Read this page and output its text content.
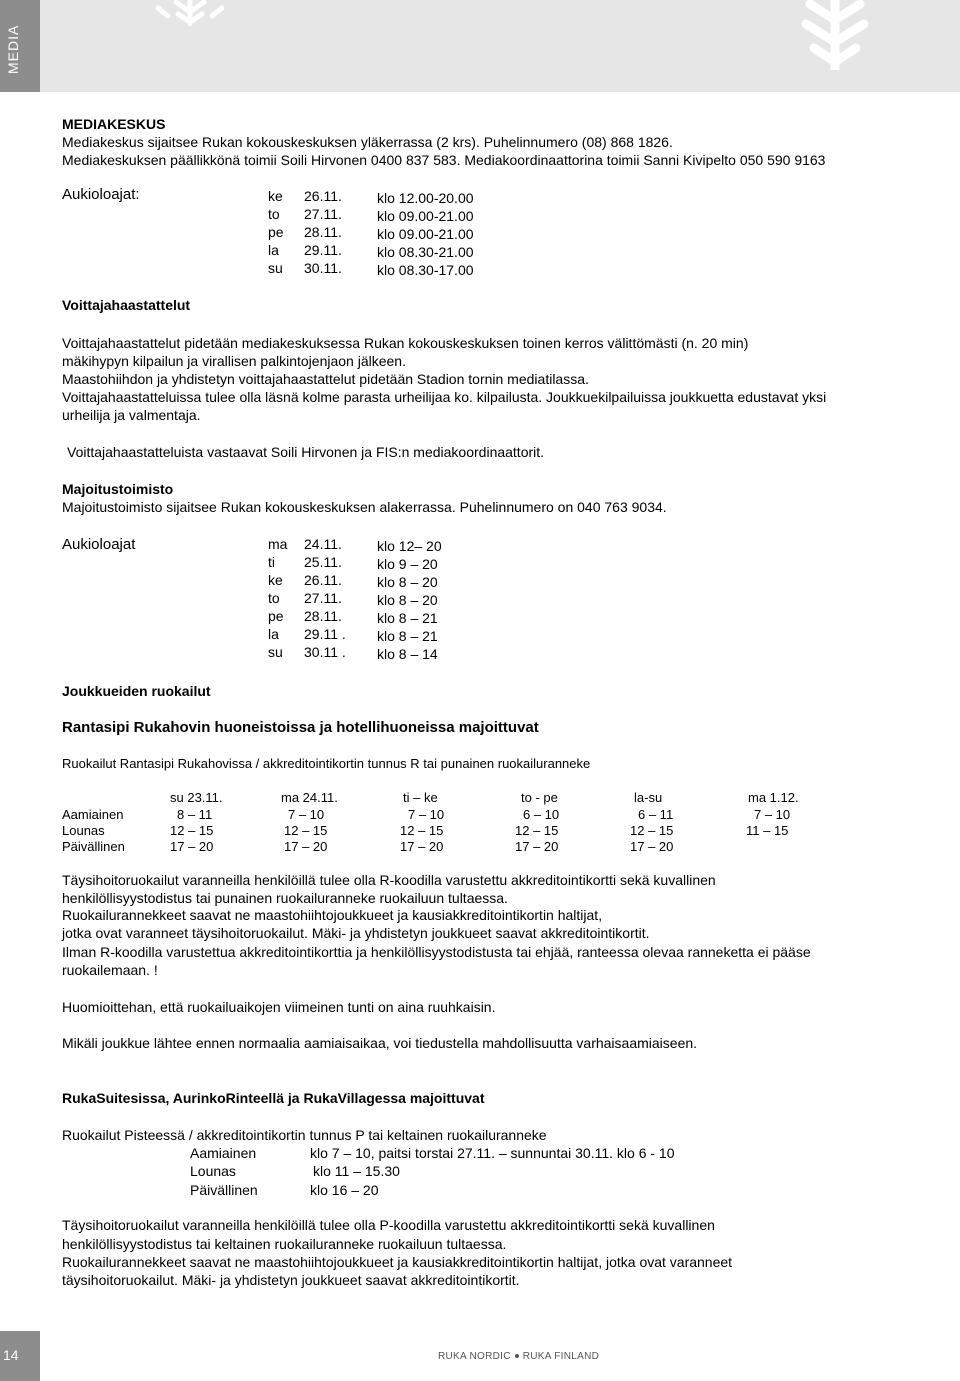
MEDIA
MEDIAKESKUS
Mediakeskus sijaitsee Rukan kokouskeskuksen yläkerrassa (2 krs). Puhelinnumero (08) 868 1826.
Mediakeskuksen päällikkönä toimii Soili Hirvonen 0400 837 583. Mediakoordinaattorina toimii Sanni Kivipelto 050 590 9163
Aukioloajat:	ke 26.11.	klo 12.00-20.00
to 27.11.	klo 09.00-21.00
pe 28.11.	klo 09.00-21.00
la 29.11.	klo 08.30-21.00
su 30.11.	klo 08.30-17.00
Voittajahaastattelut
Voittajahaastattelut pidetään mediakeskuksessa Rukan kokouskeskuksen toinen kerros välittömästi (n. 20 min)
mäkihypyn kilpailun ja virallisen palkintojenjaon jälkeen.
Maastohiihdon ja yhdistetyn voittajahaastattelut pidetään Stadion tornin mediatilassa.
Voittajahaastatteluissa tulee olla läsnä kolme parasta urheilijaa ko. kilpailusta. Joukkuekilpailuissa joukkuetta edustavat yksi
urheilija ja valmentaja.
Voittajahaastatteluista vastaavat Soili Hirvonen ja FIS:n mediakoordinaattorit.
Majoitustoimisto
Majoitustoimisto sijaitsee Rukan kokouskeskuksen alakerrassa. Puhelinnumero on 040 763 9034.
Aukioloajat	ma 24.11.	klo 12– 20
ti 25.11.	klo 9 – 20
ke 26.11.	klo 8 – 20
to 27.11.	klo 8 – 20
pe 28.11.	klo 8 – 21
la 29.11 . klo 8 – 21
su 30.11 . klo 8 – 14
Joukkueiden ruokailut
Rantasipi Rukahovin huoneistoissa ja hotellihuoneissa majoittuvat
Ruokailut Rantasipi Rukahovissa / akkreditointikortin tunnus R tai punainen ruokailuranneke
su 23.11.	ma 24.11.	ti – ke	to - pe	la-su	ma 1.12.
Aamiainen	8 – 11	7 – 10	7 – 10	6 – 10	6 – 11	7 – 10
Lounas	12 – 15	12 – 15	12 – 15	12 – 15	12 – 15	11 – 15
Päivällinen	17 – 20	17 – 20	17 – 20	17 – 20	17 – 20
Täysihoitoruokailut varanneilla henkilöillä tulee olla R-koodilla varustettu akkreditointikortti sekä kuvallinen
henkilöllisyystodistus tai punainen ruokailuranneke ruokailuun tultaessa.
Ruokailurannekkeet saavat ne maastohiihtojoukkueet ja kausiakkreditointikortin haltijat,
jotka ovat varanneet täysihoitoruokailut. Mäki- ja yhdistetyn joukkueet saavat akkreditointikortit.
Ilman R-koodilla varustettua akkreditointikorttia ja henkilöllisyystodistusta tai ehjää, ranteessa olevaa ranneketta ei pääse
ruokailemaan. !
Huomioittehan, että ruokailuaikojen viimeinen tunti on aina ruuhkaisin.
Mikäli joukkue lähtee ennen normaalia aamiaisaikaa, voi tiedustella mahdollisuutta varhaisaamiaiseen.
RukaSuitesissa, AurinkoRinteellä ja RukaVillagessa majoittuvat
Ruokailut Pisteessä / akkreditointikortin tunnus P tai keltainen ruokailuranneke
Aamiainen	klo 7 – 10, paitsi torstai 27.11. – sunnuntai 30.11. klo 6 - 10
Lounas	klo 11 – 15.30
Päivällinen	klo 16 – 20
Täysihoitoruokailut varanneilla henkilöillä tulee olla P-koodilla varustettu akkreditointikortti sekä kuvallinen
henkilöllisyystodistus tai keltainen ruokailuranneke ruokailuun tultaessa.
Ruokailurannekkeet saavat ne maastohiihtojoukkueet ja kausiakkreditointikortin haltijat, jotka ovat varanneet
täysihoitoruokailut. Mäki- ja yhdistetyn joukkueet saavat akkreditointikortit.
14	RUKA NORDIC RUKA FINLAND
